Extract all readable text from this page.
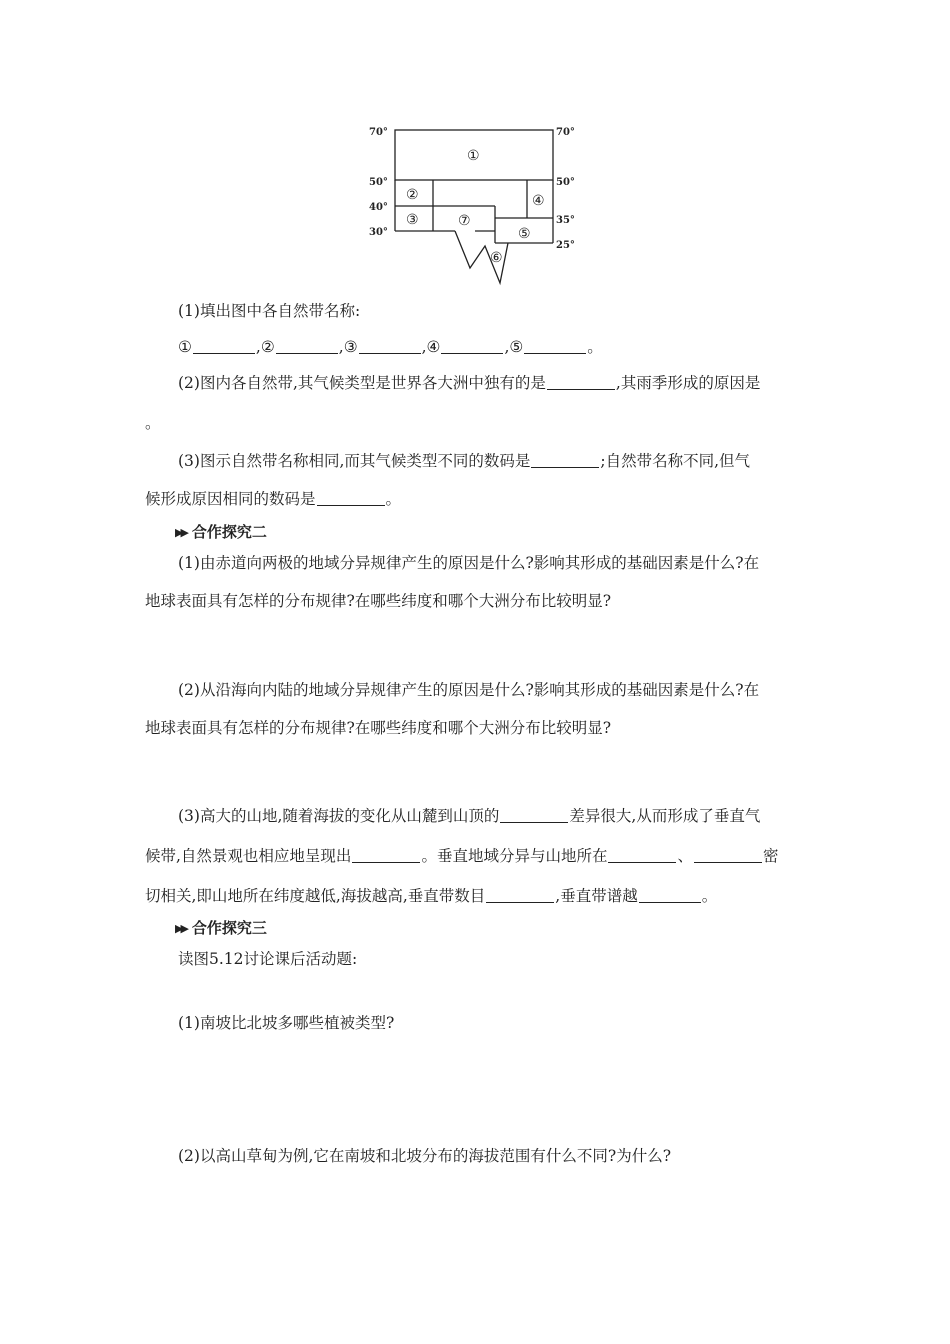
70°
50°
40°
30°
70°
50°
35°
25°
①
②
③
④
⑤
⑥
⑦
(1)填出图中各自然带名称:
①	,②	,③	,④	,⑤	。
(2)图内各自然带,其气候类型是世界各大洲中独有的是	,其雨季形成的原因是
。
(3)图示自然带名称相同,而其气候类型不同的数码是	;自然带名称不同,但气
候形成原因相同的数码是	。
▶▶ 合作探究二
(1)由赤道向两极的地域分异规律产生的原因是什么?影响其形成的基础因素是什么?在
地球表面具有怎样的分布规律?在哪些纬度和哪个大洲分布比较明显?
(2)从沿海向内陆的地域分异规律产生的原因是什么?影响其形成的基础因素是什么?在
地球表面具有怎样的分布规律?在哪些纬度和哪个大洲分布比较明显?
(3)高大的山地,随着海拔的变化从山麓到山顶的	差异很大,从而形成了垂直气
候带,自然景观也相应地呈现出	。垂直地域分异与山地所在	、	密
切相关,即山地所在纬度越低,海拔越高,垂直带数目	,垂直带谱越	。
▶▶ 合作探究三
读图5.12讨论课后活动题:
(1)南坡比北坡多哪些植被类型?
(2)以高山草甸为例,它在南坡和北坡分布的海拔范围有什么不同?为什么?
